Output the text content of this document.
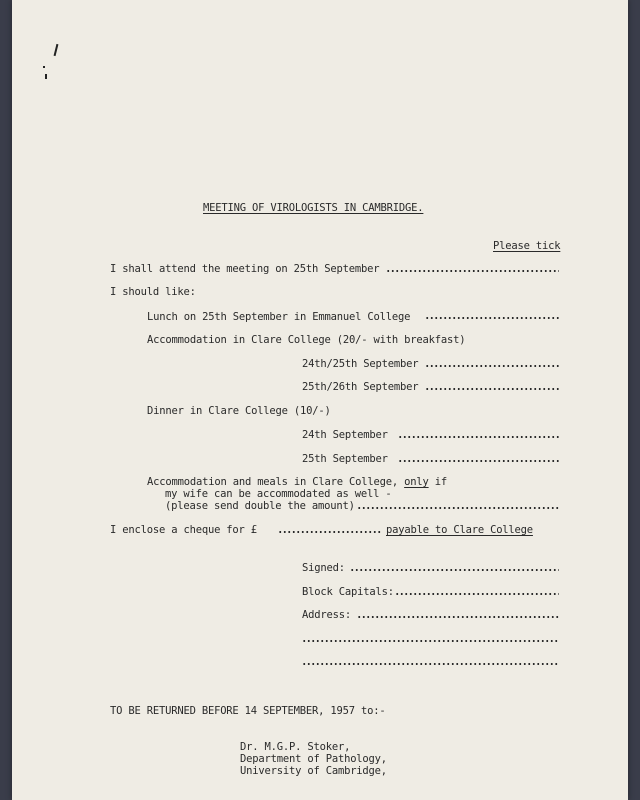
MEETING OF VIROLOGISTS IN CAMBRIDGE.
Please tick
I shall attend the meeting on 25th September
I should like:
Lunch on 25th September in Emmanuel College
Accommodation in Clare College (20/- with breakfast)
24th/25th September
25th/26th September
Dinner in Clare College (10/-)
24th September
25th September
Accommodation and meals in Clare College, only if
my wife can be accommodated as well -
(please send double the amount)
I enclose a cheque for £	payable to Clare College
Signed:
Block Capitals:
Address:
TO BE RETURNED BEFORE 14 SEPTEMBER, 1957 to:-
Dr. M.G.P. Stoker,
Department of Pathology,
University of Cambridge,
